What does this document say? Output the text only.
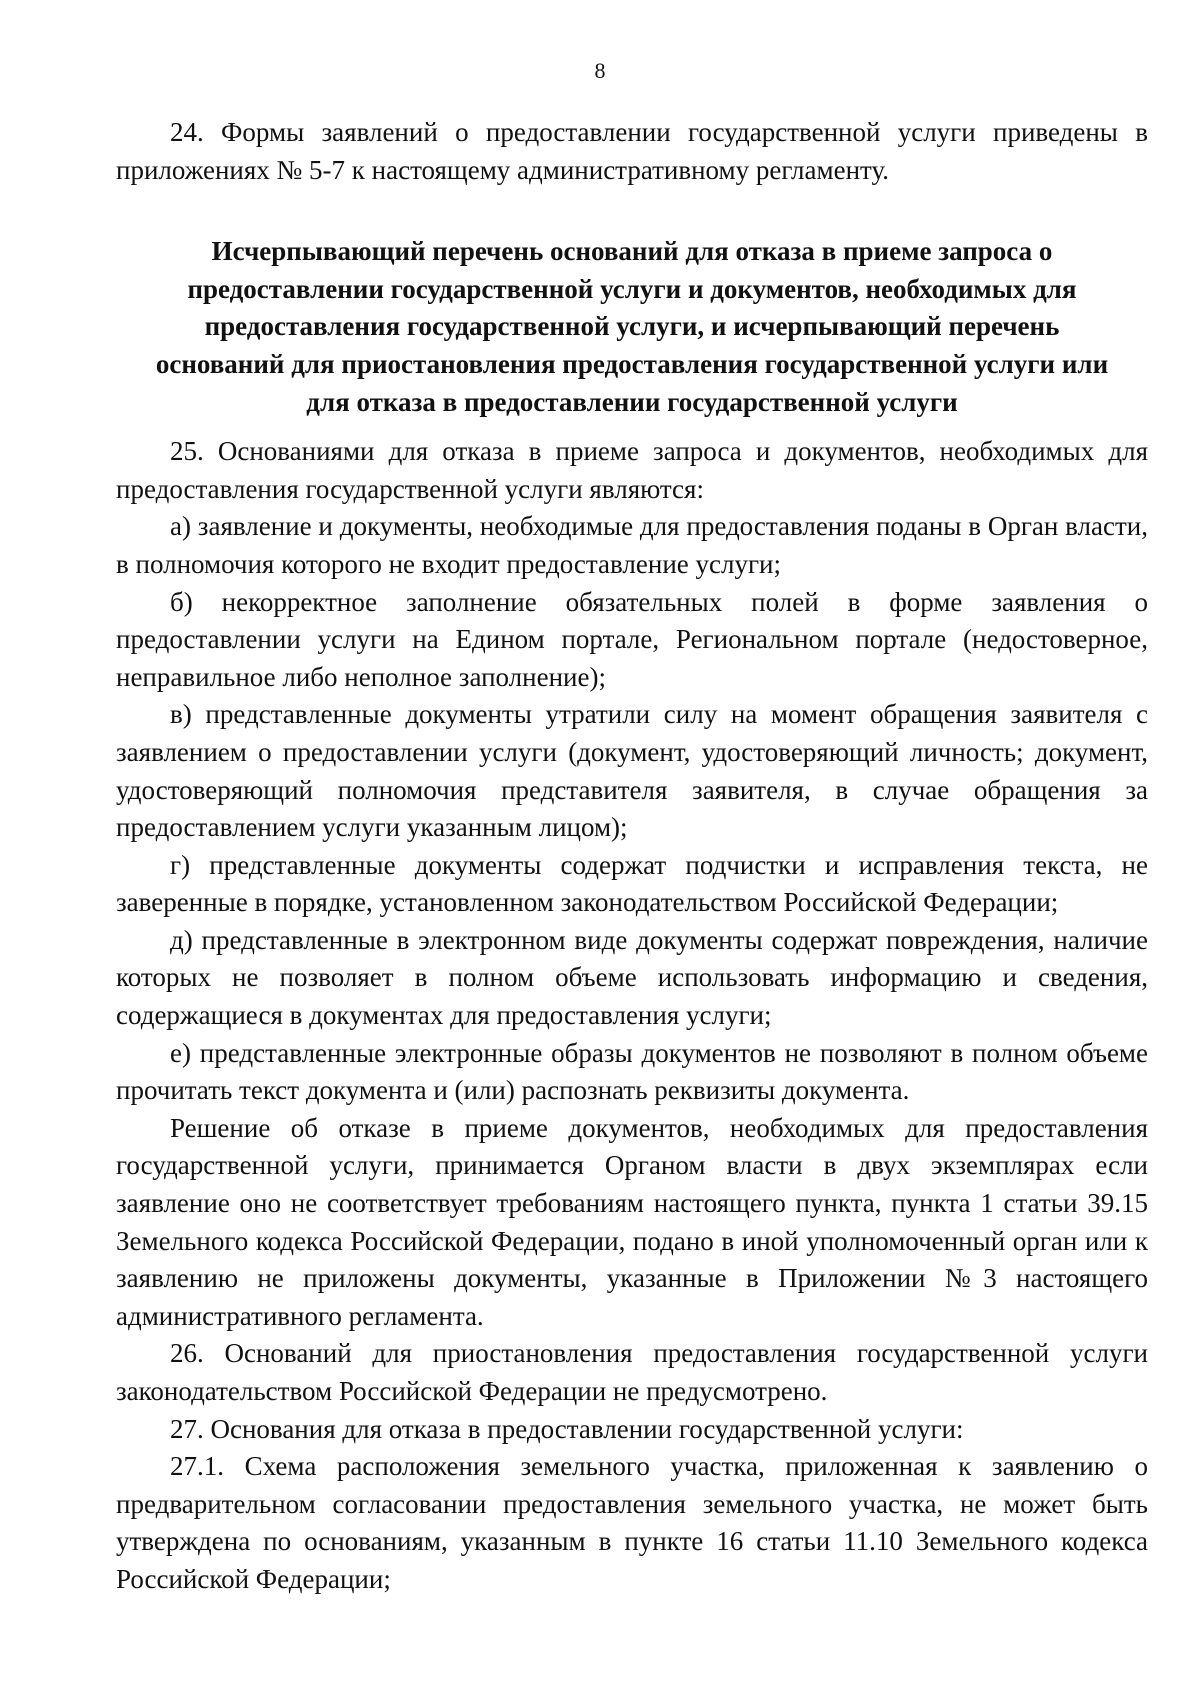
8

24. Формы заявлений о предоставлении государственной услуги приведены в приложениях № 5-7 к настоящему административному регламенту.

Исчерпывающий перечень оснований для отказа в приеме запроса о
предоставлении государственной услуги и документов, необходимых для
предоставления государственной услуги, и исчерпывающий перечень
оснований для приостановления предоставления государственной услуги или
для отказа в предоставлении государственной услуги

25. Основаниями для отказа в приеме запроса и документов, необходимых для предоставления государственной услуги являются:

а) заявление и документы, необходимые для предоставления поданы в Орган власти, в полномочия которого не входит предоставление услуги;

б) некорректное заполнение обязательных полей в форме заявления о предоставлении услуги на Едином портале, Региональном портале (недостоверное, неправильное либо неполное заполнение);

в) представленные документы утратили силу на момент обращения заявителя с заявлением о предоставлении услуги (документ, удостоверяющий личность; документ, удостоверяющий полномочия представителя заявителя, в случае обращения за предоставлением услуги указанным лицом);

г) представленные документы содержат подчистки и исправления текста, не заверенные в порядке, установленном законодательством Российской Федерации;

д) представленные в электронном виде документы содержат повреждения, наличие которых не позволяет в полном объеме использовать информацию и сведения, содержащиеся в документах для предоставления услуги;

е) представленные электронные образы документов не позволяют в полном объеме прочитать текст документа и (или) распознать реквизиты документа.

Решение об отказе в приеме документов, необходимых для предоставления государственной услуги, принимается Органом власти в двух экземплярах если заявление оно не соответствует требованиям настоящего пункта, пункта 1 статьи 39.15 Земельного кодекса Российской Федерации, подано в иной уполномоченный орган или к заявлению не приложены документы, указанные в Приложении №3 настоящего административного регламента.

26. Оснований для приостановления предоставления государственной услуги законодательством Российской Федерации не предусмотрено.

27. Основания для отказа в предоставлении государственной услуги:

27.1. Схема расположения земельного участка, приложенная к заявлению о предварительном согласовании предоставления земельного участка, не может быть утверждена по основаниям, указанным в пункте 16 статьи 11.10 Земельного кодекса Российской Федерации;
